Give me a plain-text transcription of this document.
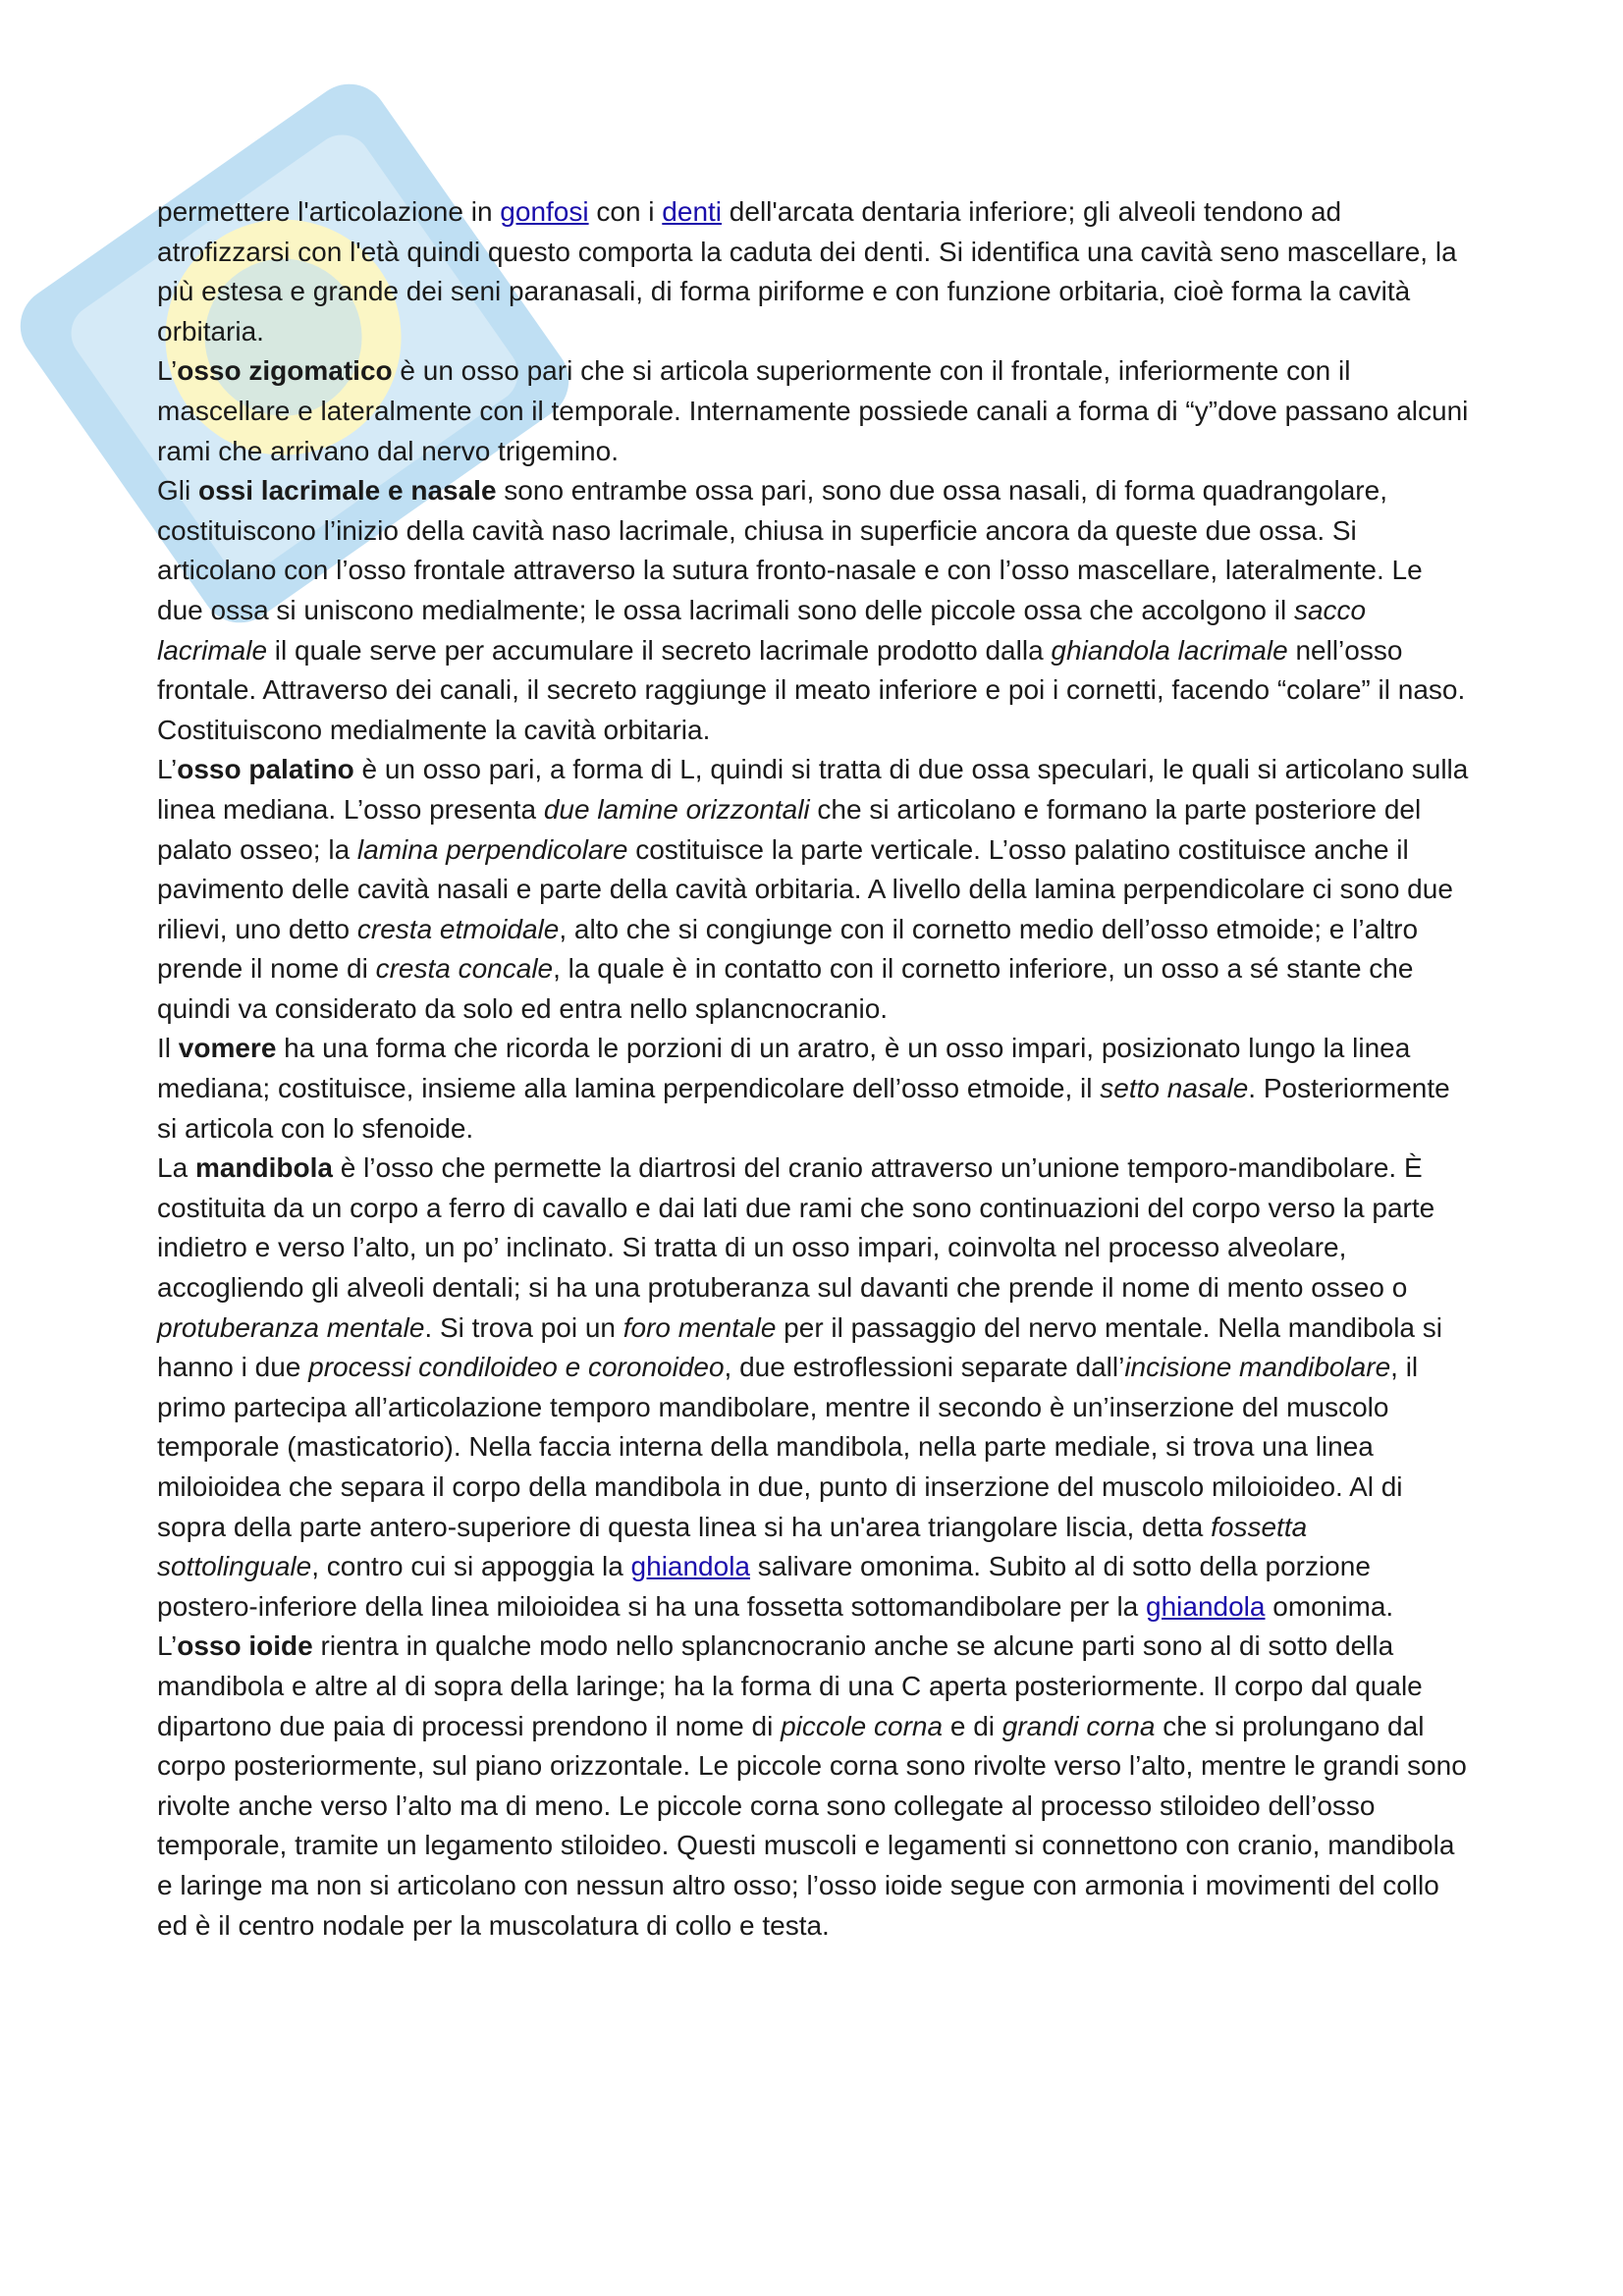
permettere l'articolazione in gonfosi con i denti dell'arcata dentaria inferiore; gli alveoli tendono ad atrofizzarsi con l'età quindi questo comporta la caduta dei denti. Si identifica una cavità seno mascellare, la più estesa e grande dei seni paranasali, di forma piriforme e con funzione orbitaria, cioè forma la cavità orbitaria.

L’osso zigomatico è un osso pari che si articola superiormente con il frontale, inferiormente con il mascellare e lateralmente con il temporale. Internamente possiede canali a forma di “y”dove passano alcuni rami che arrivano dal nervo trigemino.

Gli ossi lacrimale e nasale sono entrambe ossa pari, sono due ossa nasali, di forma quadrangolare, costituiscono l’inizio della cavità naso lacrimale, chiusa in superficie ancora da queste due ossa. Si articolano con l’osso frontale attraverso la sutura fronto-nasale e con l’osso mascellare, lateralmente. Le due ossa si uniscono medialmente; le ossa lacrimali sono delle piccole ossa che accolgono il sacco lacrimale il quale serve per accumulare il secreto lacrimale prodotto dalla ghiandola lacrimale nell’osso frontale. Attraverso dei canali, il secreto raggiunge il meato inferiore e poi i cornetti, facendo “colare” il naso. Costituiscono medialmente la cavità orbitaria.

L’osso palatino è un osso pari, a forma di L, quindi si tratta di due ossa speculari, le quali si articolano sulla linea mediana. L’osso presenta due lamine orizzontali che si articolano e formano la parte posteriore del palato osseo; la lamina perpendicolare costituisce la parte verticale. L’osso palatino costituisce anche il pavimento delle cavità nasali e parte della cavità orbitaria. A livello della lamina perpendicolare ci sono due rilievi, uno detto cresta etmoidale, alto che si congiunge con il cornetto medio dell’osso etmoide; e l’altro prende il nome di cresta concale, la quale è in contatto con il cornetto inferiore, un osso a sé stante che quindi va considerato da solo ed entra nello splancnocranio.

Il vomere ha una forma che ricorda le porzioni di un aratro, è un osso impari, posizionato lungo la linea mediana; costituisce, insieme alla lamina perpendicolare dell’osso etmoide, il setto nasale. Posteriormente si articola con lo sfenoide.

La mandibola è l’osso che permette la diartrosi del cranio attraverso un’unione temporo-mandibolare. È costituita da un corpo a ferro di cavallo e dai lati due rami che sono continuazioni del corpo verso la parte indietro e verso l’alto, un po’ inclinato. Si tratta di un osso impari, coinvolta nel processo alveolare, accogliendo gli alveoli dentali; si ha una protuberanza sul davanti che prende il nome di mento osseo o protuberanza mentale. Si trova poi un foro mentale per il passaggio del nervo mentale. Nella mandibola si hanno i due processi condiloideo e coronoideo, due estroflessioni separate dall’incisione mandibolare, il primo partecipa all’articolazione temporo mandibolare, mentre il secondo è un’inserzione del muscolo temporale (masticatorio). Nella faccia interna della mandibola, nella parte mediale, si trova una linea miloioidea che separa il corpo della mandibola in due, punto di inserzione del muscolo miloioideo. Al di sopra della parte antero-superiore di questa linea si ha un'area triangolare liscia, detta fossetta sottolinguale, contro cui si appoggia la ghiandola salivare omonima. Subito al di sotto della porzione postero-inferiore della linea miloioidea si ha una fossetta sottomandibolare per la ghiandola omonima.

L’osso ioide rientra in qualche modo nello splancnocranio anche se alcune parti sono al di sotto della mandibola e altre al di sopra della laringe; ha la forma di una C aperta posteriormente. Il corpo dal quale dipartono due paia di processi prendono il nome di piccole corna e di grandi corna che si prolungano dal corpo posteriormente, sul piano orizzontale. Le piccole corna sono rivolte verso l’alto, mentre le grandi sono rivolte anche verso l’alto ma di meno. Le piccole corna sono collegate al processo stiloideo dell’osso temporale, tramite un legamento stiloideo. Questi muscoli e legamenti si connettono con cranio, mandibola e laringe ma non si articolano con nessun altro osso; l’osso ioide segue con armonia i movimenti del collo ed è il centro nodale per la muscolatura di collo e testa.
